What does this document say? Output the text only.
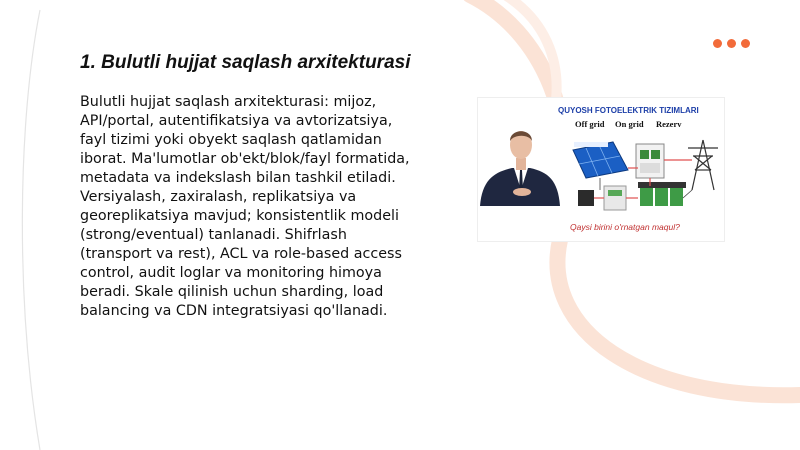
1. Bulutli hujjat saqlash arxitekturasi

Bulutli hujjat saqlash arxitekturasi: mijoz, API/portal, autentifikatsiya va avtorizatsiya, fayl tizimi yoki obyekt saqlash qatlamidan iborat. Ma'lumotlar ob'ekt/blok/fayl formatida, metadata va indekslash bilan tashkil etiladi. Versiyalash, zaxiralash, replikatsiya va georeplikatsiya mavjud; konsistentlik modeli (strong/eventual) tanlanadi. Shifrlash (transport va rest), ACL va role-based access control, audit loglar va monitoring himoya beradi. Skale qilinish uchun sharding, load balancing va CDN integratsiyasi qo'llanadi.

QUYOSH FOTOELEKTRIK TIZIMLARI
Off grid On grid Rezerv
Qaysi birini o'rnatgan maqul?
